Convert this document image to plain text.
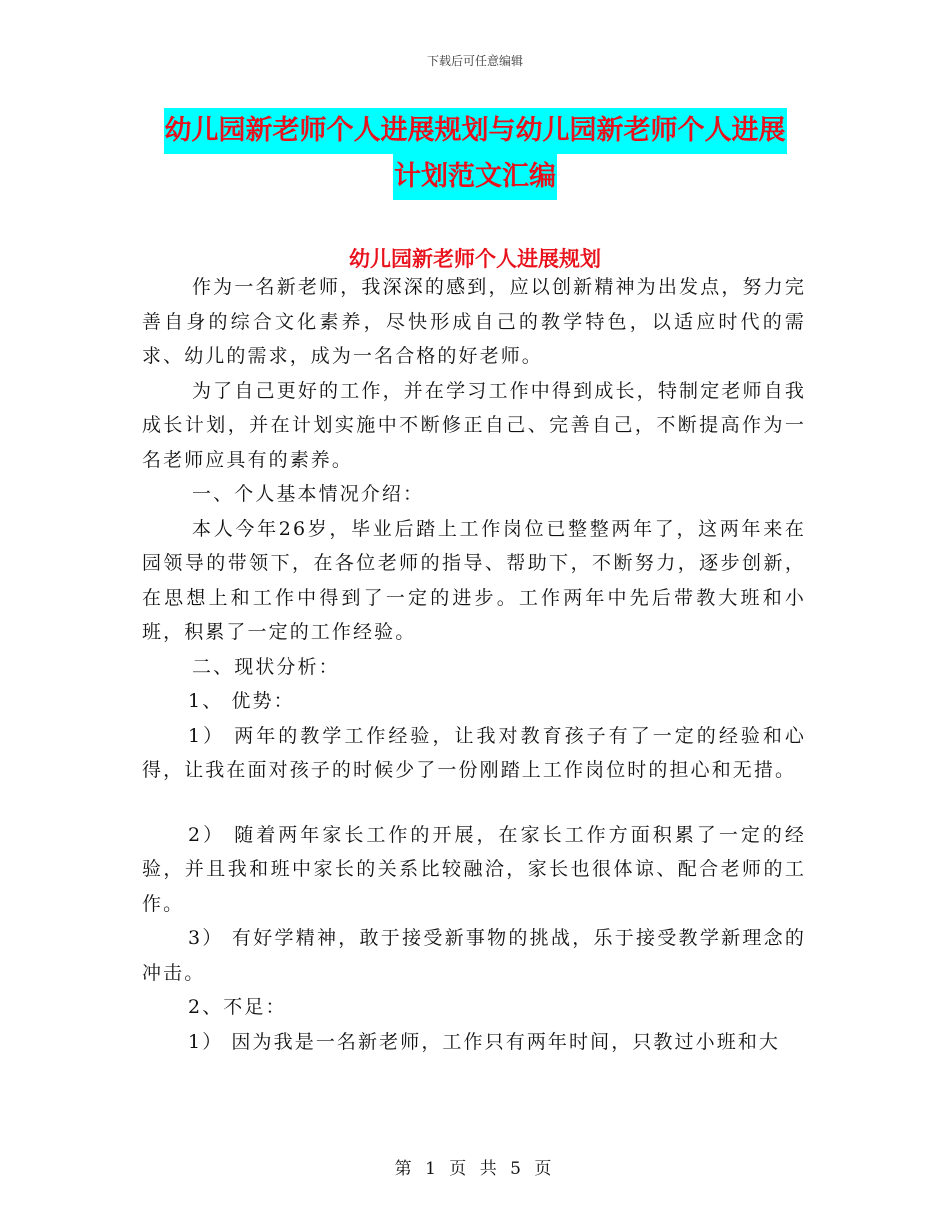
下载后可任意编辑
幼儿园新老师个人进展规划与幼儿园新老师个人进展
计划范文汇编
幼儿园新老师个人进展规划

作为一名新老师，我深深的感到，应以创新精神为出发点，努力完善自身的综合文化素养，尽快形成自己的教学特色，以适应时代的需求、幼儿的需求，成为一名合格的好老师。

为了自己更好的工作，并在学习工作中得到成长，特制定老师自我成长计划，并在计划实施中不断修正自己、完善自己，不断提高作为一名老师应具有的素养。

一、个人基本情况介绍：

本人今年26岁，毕业后踏上工作岗位已整整两年了，这两年来在园领导的带领下，在各位老师的指导、帮助下，不断努力，逐步创新，在思想上和工作中得到了一定的进步。工作两年中先后带教大班和小班，积累了一定的工作经验。

二、现状分析：

1、 优势：

1） 两年的教学工作经验，让我对教育孩子有了一定的经验和心得，让我在面对孩子的时候少了一份刚踏上工作岗位时的担心和无措。

2） 随着两年家长工作的开展，在家长工作方面积累了一定的经验，并且我和班中家长的关系比较融洽，家长也很体谅、配合老师的工作。

3） 有好学精神，敢于接受新事物的挑战，乐于接受教学新理念的冲击。

2、不足：

1） 因为我是一名新老师，工作只有两年时间，只教过小班和大

第 1 页 共 5 页
